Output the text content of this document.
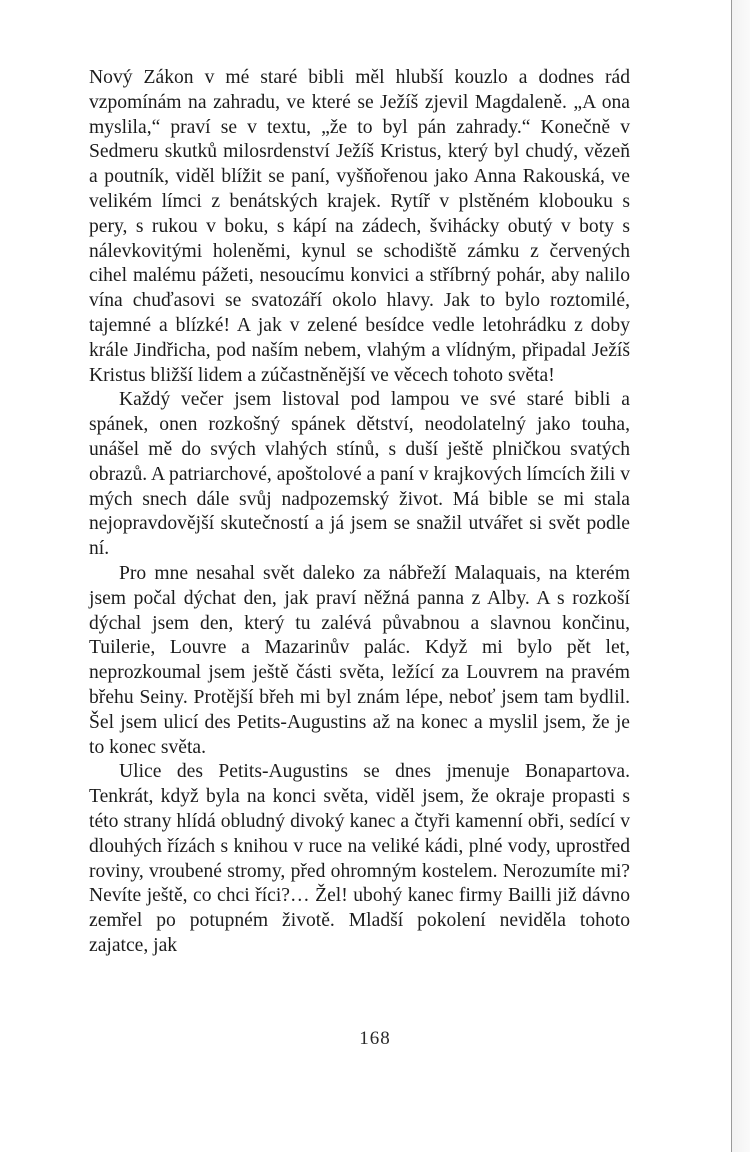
Nový Zákon v mé staré bibli měl hlubší kouzlo a dodnes rád vzpomínám na zahradu, ve které se Ježíš zjevil Magdaleně. „A ona myslila,“ praví se v textu, „že to byl pán zahrady.“ Konečně v Sedmeru skutků milosrdenství Ježíš Kristus, který byl chudý, vězeň a poutník, viděl blížit se paní, vyšňořenou jako Anna Rakouská, ve velikém límci z benátských krajek. Rytíř v plstěném klobouku s pery, s rukou v boku, s kápí na zádech, švihácky obutý v boty s nálevkovitými holeněmi, kynul se schodiště zámku z červených cihel malému pážeti, nesoucímu konvici a stříbrný pohár, aby nalilo vína chuďasovi se svatozáří okolo hlavy. Jak to bylo roztomilé, tajemné a blízké! A jak v zelené besídce vedle letohrádku z doby krále Jindřicha, pod naším nebem, vlahým a vlídným, připadal Ježíš Kristus bližší lidem a zúčastněnější ve věcech tohoto světa!

Každý večer jsem listoval pod lampou ve své staré bibli a spánek, onen rozkošný spánek dětství, neodolatelný jako touha, unášel mě do svých vlahých stínů, s duší ještě plničkou svatých obrazů. A patriarchové, apoštolové a paní v krajkových límcích žili v mých snech dále svůj nadpozemský život. Má bible se mi stala nejopravdovější skutečností a já jsem se snažil utvářet si svět podle ní.

Pro mne nesahal svět daleko za nábřeží Malaquais, na kterém jsem počal dýchat den, jak praví něžná panna z Alby. A s rozkoší dýchal jsem den, který tu zalévá půvabnou a slavnou končinu, Tuilerie, Louvre a Mazarinův palác. Když mi bylo pět let, neprozkoumal jsem ještě části světa, ležící za Louvrem na pravém břehu Seiny. Protější břeh mi byl znám lépe, neboť jsem tam bydlil. Šel jsem ulicí des Petits-Augustins až na konec a myslil jsem, že je to konec světa.

Ulice des Petits-Augustins se dnes jmenuje Bonapartova. Tenkrát, když byla na konci světa, viděl jsem, že okraje propasti s této strany hlídá obludný divoký kanec a čtyři kamenní obři, sedící v dlouhých řízách s knihou v ruce na veliké kádi, plné vody, uprostřed roviny, vroubené stromy, před ohromným kostelem. Nerozumíte mi? Nevíte ještě, co chci říci?… Žel! ubohý kanec firmy Bailli již dávno zemřel po potupném životě. Mladší pokolení neviděla tohoto zajatce, jak

168
